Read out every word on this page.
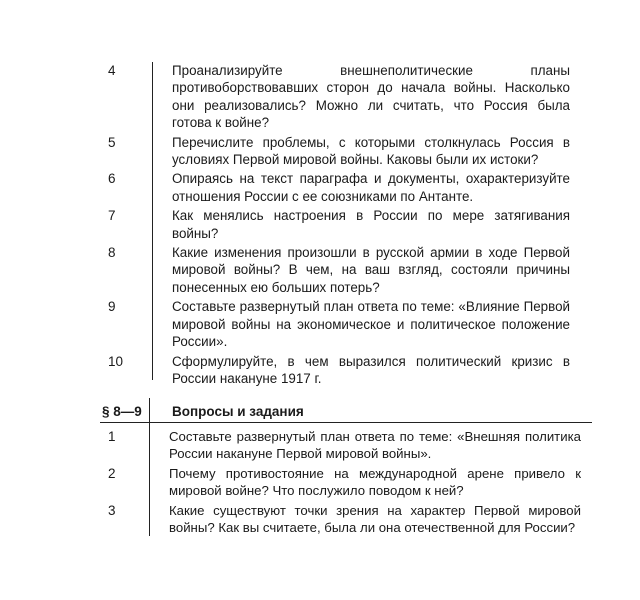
4	Проанализируйте внешнеполитические планы противоборствовавших сторон до начала войны. Насколько они реализовались? Можно ли считать, что Россия была готова к войне?
5	Перечислите проблемы, с которыми столкнулась Россия в условиях Первой мировой войны. Каковы были их истоки?
6	Опираясь на текст параграфа и документы, охарактеризуйте отношения России с ее союзниками по Антанте.
7	Как менялись настроения в России по мере затягивания войны?
8	Какие изменения произошли в русской армии в ходе Первой мировой войны? В чем, на ваш взгляд, состояли причины понесенных ею больших потерь?
9	Составьте развернутый план ответа по теме: «Влияние Первой мировой войны на экономическое и политическое положение России».
10	Сформулируйте, в чем выразился политический кризис в России накануне 1917 г.
§ 8—9	Вопросы и задания
1	Составьте развернутый план ответа по теме: «Внешняя политика России накануне Первой мировой войны».
2	Почему противостояние на международной арене привело к мировой войне? Что послужило поводом к ней?
3	Какие существуют точки зрения на характер Первой мировой войны? Как вы считаете, была ли она отечественной для России?
